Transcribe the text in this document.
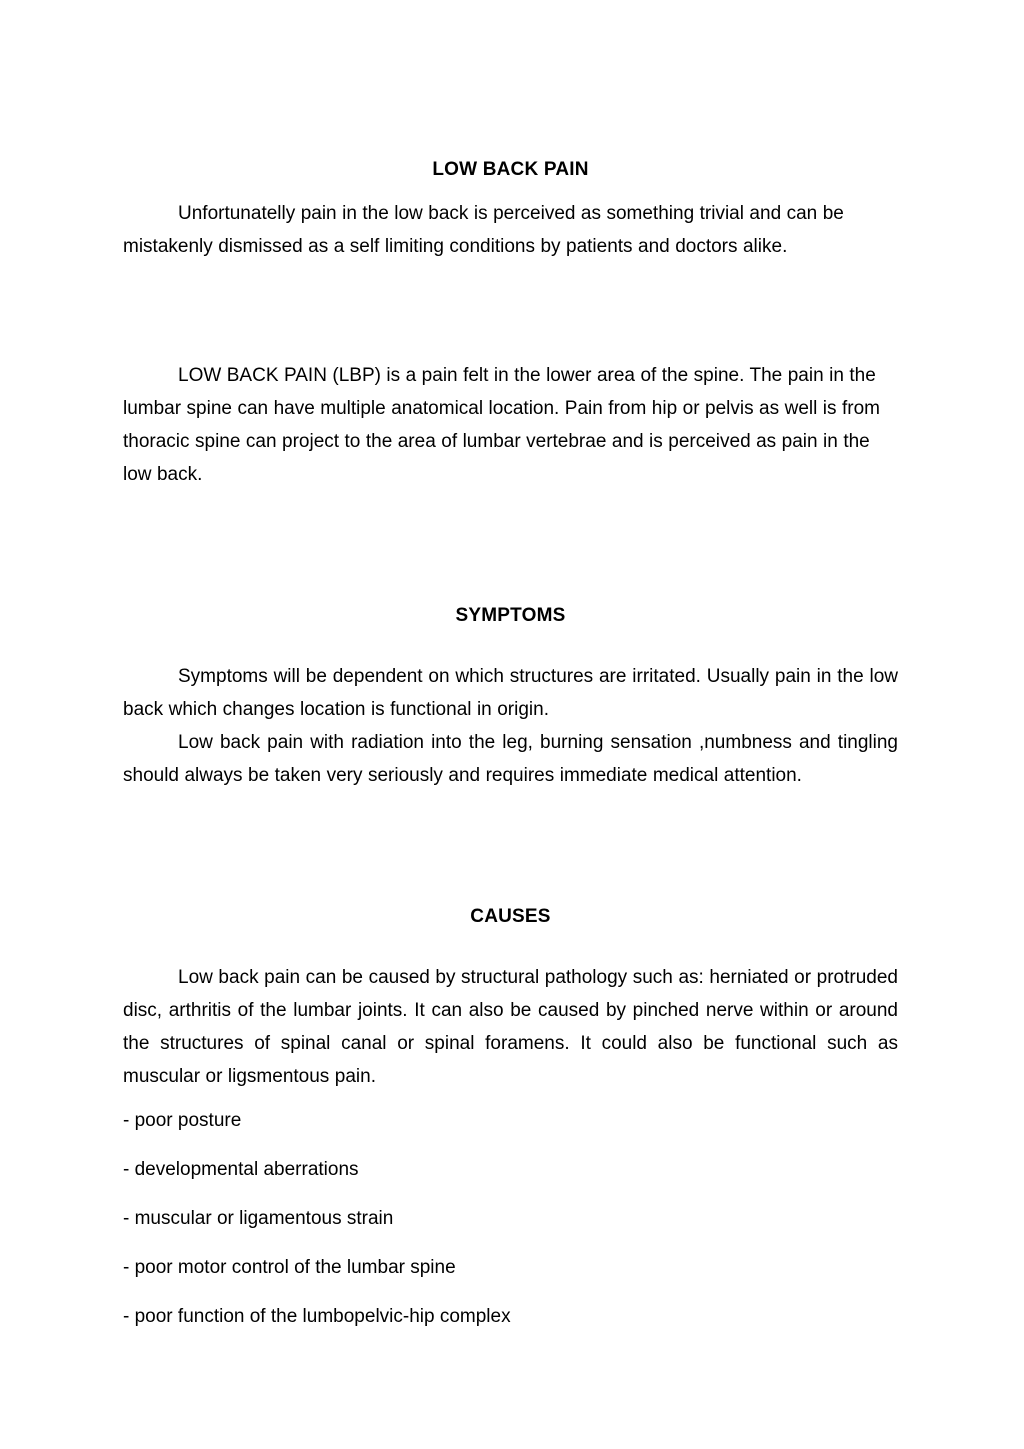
LOW BACK PAIN

Unfortunatelly pain in the low back is perceived as something trivial and can be mistakenly dismissed as a self limiting conditions by patients and doctors alike.

LOW BACK PAIN (LBP) is a pain felt in the lower area of the spine. The pain in the lumbar spine can have multiple anatomical location. Pain from hip or pelvis as well is from thoracic spine can project to the area of lumbar vertebrae and is perceived as pain in the low back.

SYMPTOMS

Symptoms will be dependent on which structures are irritated. Usually pain in the low back which changes location is functional in origin.

Low back pain with radiation into the leg, burning sensation ,numbness and tingling should always be taken very seriously and requires immediate medical attention.

CAUSES

Low back pain can be caused by structural pathology such as: herniated or protruded disc, arthritis of the lumbar joints. It can also be caused by pinched nerve within or around the structures of spinal canal or spinal foramens. It could also be functional such as muscular or ligsmentous pain.

- poor posture
- developmental aberrations
- muscular or ligamentous strain
- poor motor control of the lumbar spine
- poor function of the lumbopelvic-hip complex
